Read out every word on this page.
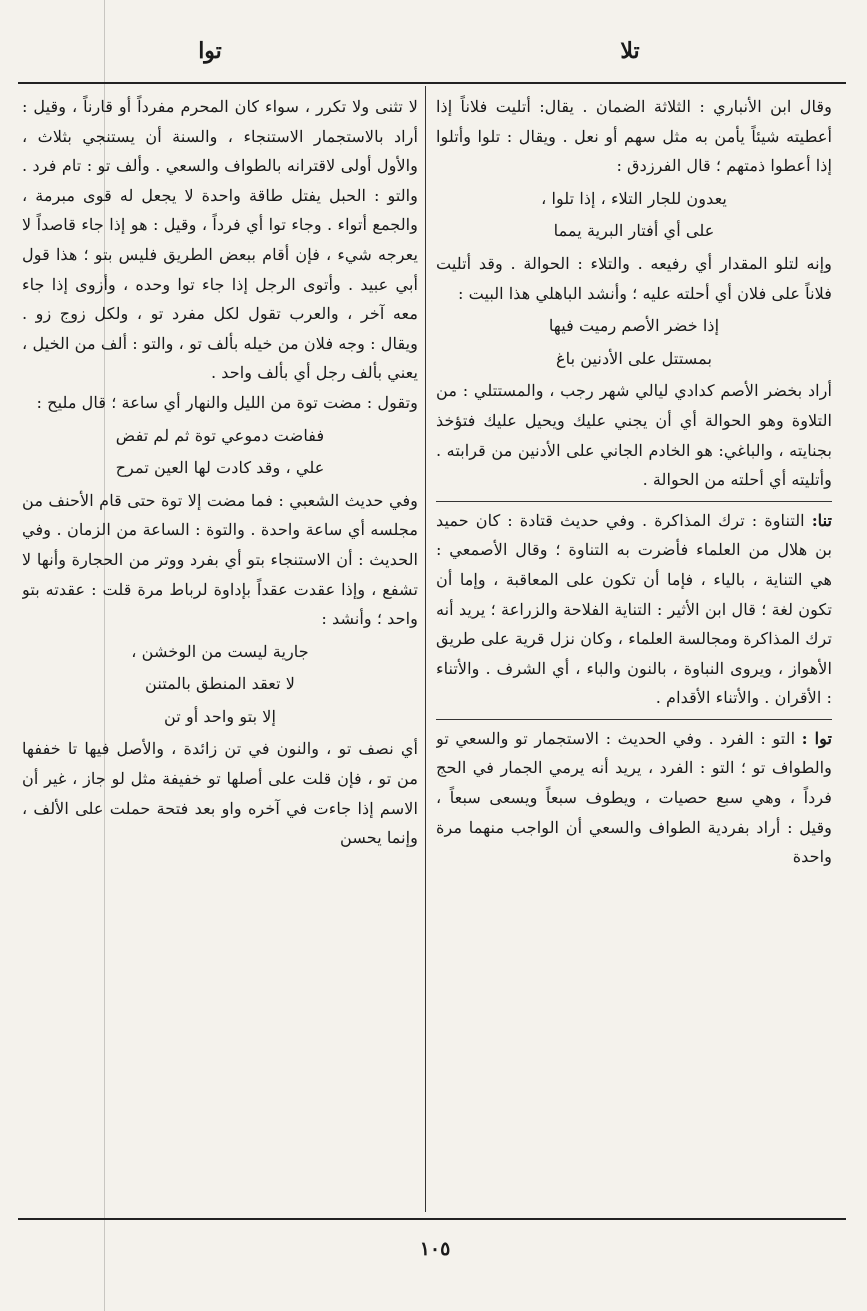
تلا
توا

وقال ابن الأنباري : الثلاثة الضمان . يقال: أتليت فلاناً إذا أعطيته شيئاً يأمن به مثل سهم أو نعل . ويقال : تلوا وأتلوا إذا أعطوا ذمتهم ؛ قال الفرزدق :

يعدون للجار التلاء ، إذا تلوا ،

على أي أفتار البرية يمما

وإنه لتلو المقدار أي رفيعه . والتلاء : الحوالة . وقد أتليت فلاناً على فلان أي أحلته عليه ؛ وأنشد الباهلي هذا البيت :

إذا خضر الأصم رميت فيها

بمستتل على الأدنين باغ

أراد بخضر الأصم كدادي ليالي شهر رجب ، والمستتلي : من التلاوة وهو الحوالة أي أن يجني عليك ويحيل عليك فتؤخذ بجنايته ، والباغي: هو الخادم الجاني على الأدنين من قرابته . وأتليته أي أحلته من الحوالة .

تنا: التناوة : ترك المذاكرة . وفي حديث قتادة : كان حميد بن هلال من العلماء فأضرت به التناوة ؛ وقال الأصمعي : هي التناية ، بالياء ، فإما أن تكون على المعاقبة ، وإما أن تكون لغة ؛ قال ابن الأثير : التناية الفلاحة والزراعة ؛ يريد أنه ترك المذاكرة ومجالسة العلماء ، وكان نزل قرية على طريق الأهواز ، ويروى النباوة ، بالنون والباء ، أي الشرف . والأتناء : الأقران . والأتناء الأقدام .

توا : التو : الفرد . وفي الحديث : الاستجمار تو والسعي تو والطواف تو ؛ التو : الفرد ، يريد أنه يرمي الجمار في الحج فرداً ، وهي سبع حصيات ، ويطوف سبعاً ويسعى سبعاً ، وقيل : أراد بفردية الطواف والسعي أن الواجب منهما مرة واحدة

لا تثنى ولا تكرر ، سواء كان المحرم مفرداً أو قارناً ، وقيل : أراد بالاستجمار الاستنجاء ، والسنة أن يستنجي بثلاث ، والأول أولى لاقترانه بالطواف والسعي . وألف تو : تام فرد . والتو : الحبل يفتل طاقة واحدة لا يجعل له قوى مبرمة ، والجمع أتواء . وجاء توا أي فرداً ، وقيل : هو إذا جاء قاصداً لا يعرجه شيء ، فإن أقام ببعض الطريق فليس بتو ؛ هذا قول أبي عبيد . وأتوى الرجل إذا جاء توا وحده ، وأزوى إذا جاء معه آخر ، والعرب تقول لكل مفرد تو ، ولكل زوج زو . ويقال : وجه فلان من خيله بألف تو ، والتو : ألف من الخيل ، يعني بألف رجل أي بألف واحد .

وتقول : مضت توة من الليل والنهار أي ساعة ؛ قال مليح :

ففاضت دموعي توة ثم لم تفض

علي ، وقد كادت لها العين تمرح

وفي حديث الشعبي : فما مضت إلا توة حتى قام الأحنف من مجلسه أي ساعة واحدة . والتوة : الساعة من الزمان . وفي الحديث : أن الاستنجاء بتو أي بفرد ووتر من الحجارة وأنها لا تشفع ، وإذا عقدت عقداً بإداوة لرباط مرة قلت : عقدته بتو واحد ؛ وأنشد :

جارية ليست من الوخشن ،

لا تعقد المنطق بالمتنن

إلا بتو واحد أو تن

أي نصف تو ، والنون في تن زائدة ، والأصل فيها تا خففها من تو ، فإن قلت على أصلها تو خفيفة مثل لو جاز ، غير أن الاسم إذا جاءت في آخره واو بعد فتحة حملت على الألف ، وإنما يحسن

١٠٥
